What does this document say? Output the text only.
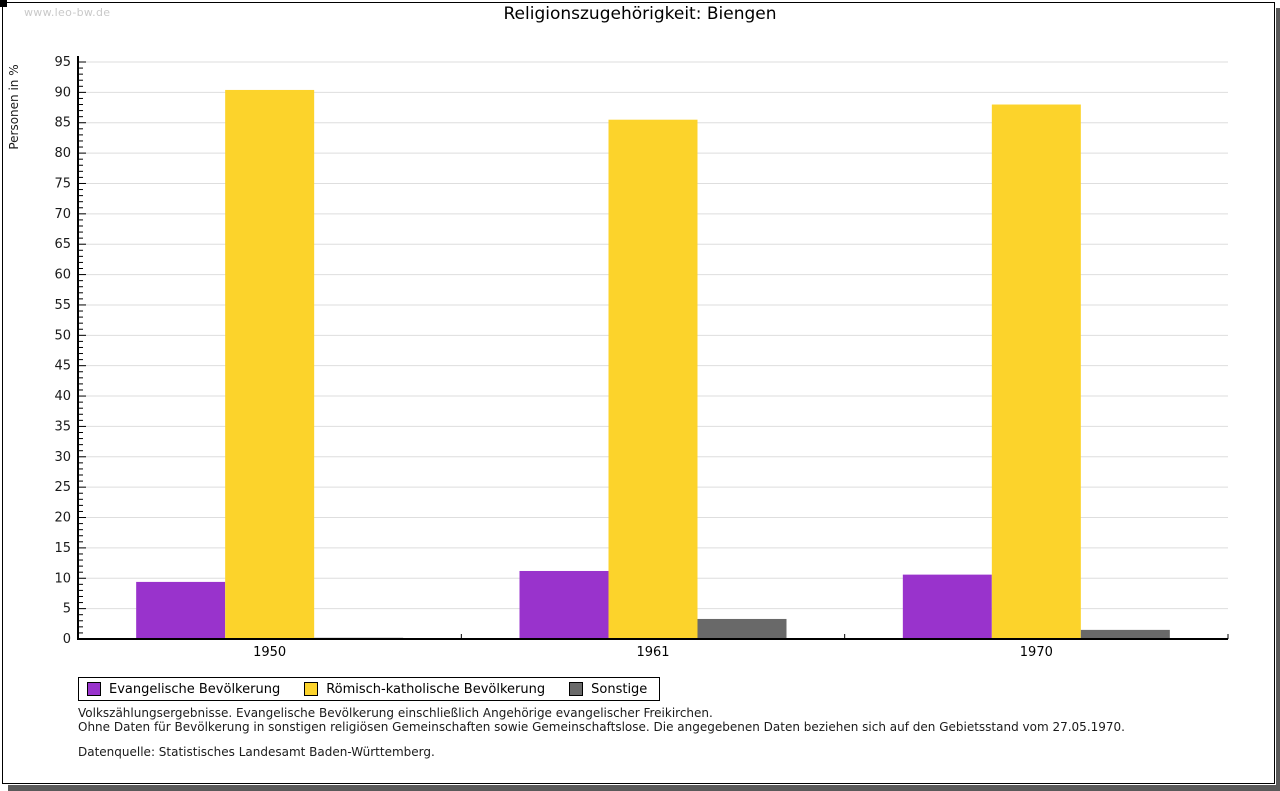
www.leo-bw.de	Religionszugehörigkeit: Biengen
Personen in %
1950	1961	1970
0
5
10
15
20
25
30
35
40
45
50
55
60
65
70
75
80
85
90
95
Evangelische Bevölkerung	Römisch-katholische Bevölkerung	Sonstige
Volkszählungsergebnisse. Evangelische Bevölkerung einschließlich Angehörige evangelischer Freikirchen.
Ohne Daten für Bevölkerung in sonstigen religiösen Gemeinschaften sowie Gemeinschaftslose. Die angegebenen Daten beziehen sich auf den Gebietsstand vom 27.05.1970.
Datenquelle: Statistisches Landesamt Baden-Württemberg.
